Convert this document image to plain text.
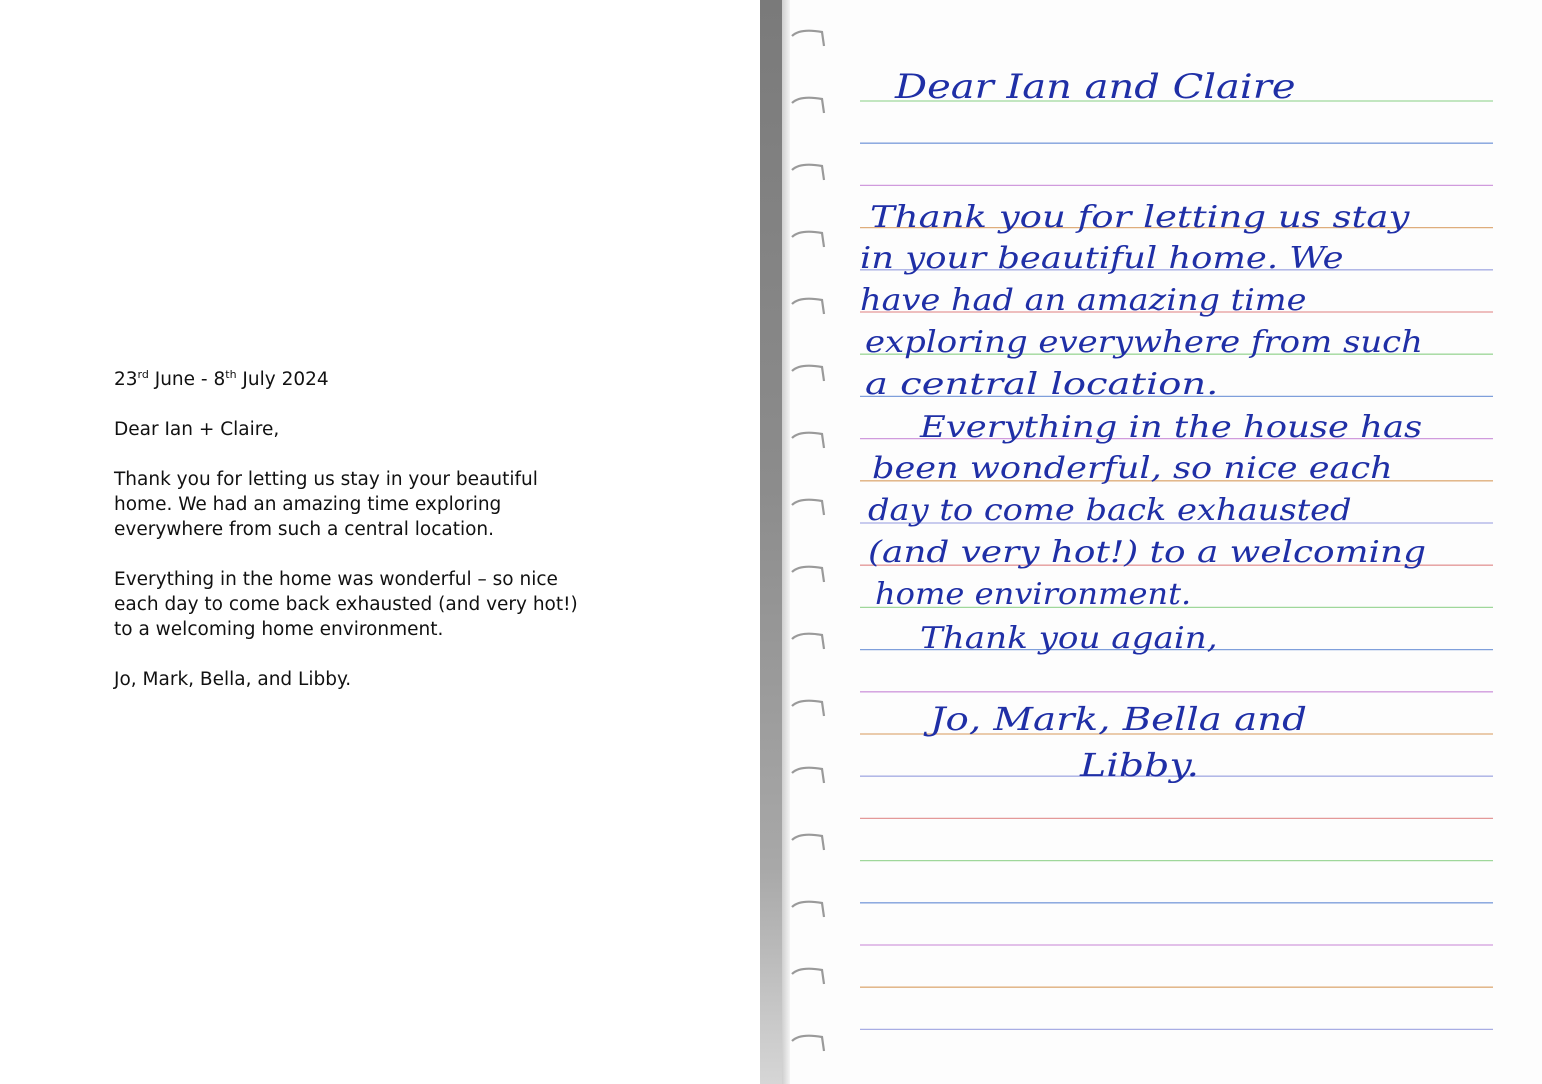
23rd June - 8th July 2024

Dear Ian + Claire,

Thank you for letting us stay in your beautiful
home. We had an amazing time exploring
everywhere from such a central location.

Everything in the home was wonderful – so nice
each day to come back exhausted (and very hot!)
to a welcoming home environment.

Jo, Mark, Bella, and Libby.

Dear Ian and Claire
Thank you for letting us stay
in your beautiful home. We
have had an amazing time
exploring everywhere from such
a central location.
Everything in the house has
been wonderful, so nice each
day to come back exhausted
(and very hot!) to a welcoming
home environment.
Thank you again,
Jo, Mark, Bella and
Libby.
